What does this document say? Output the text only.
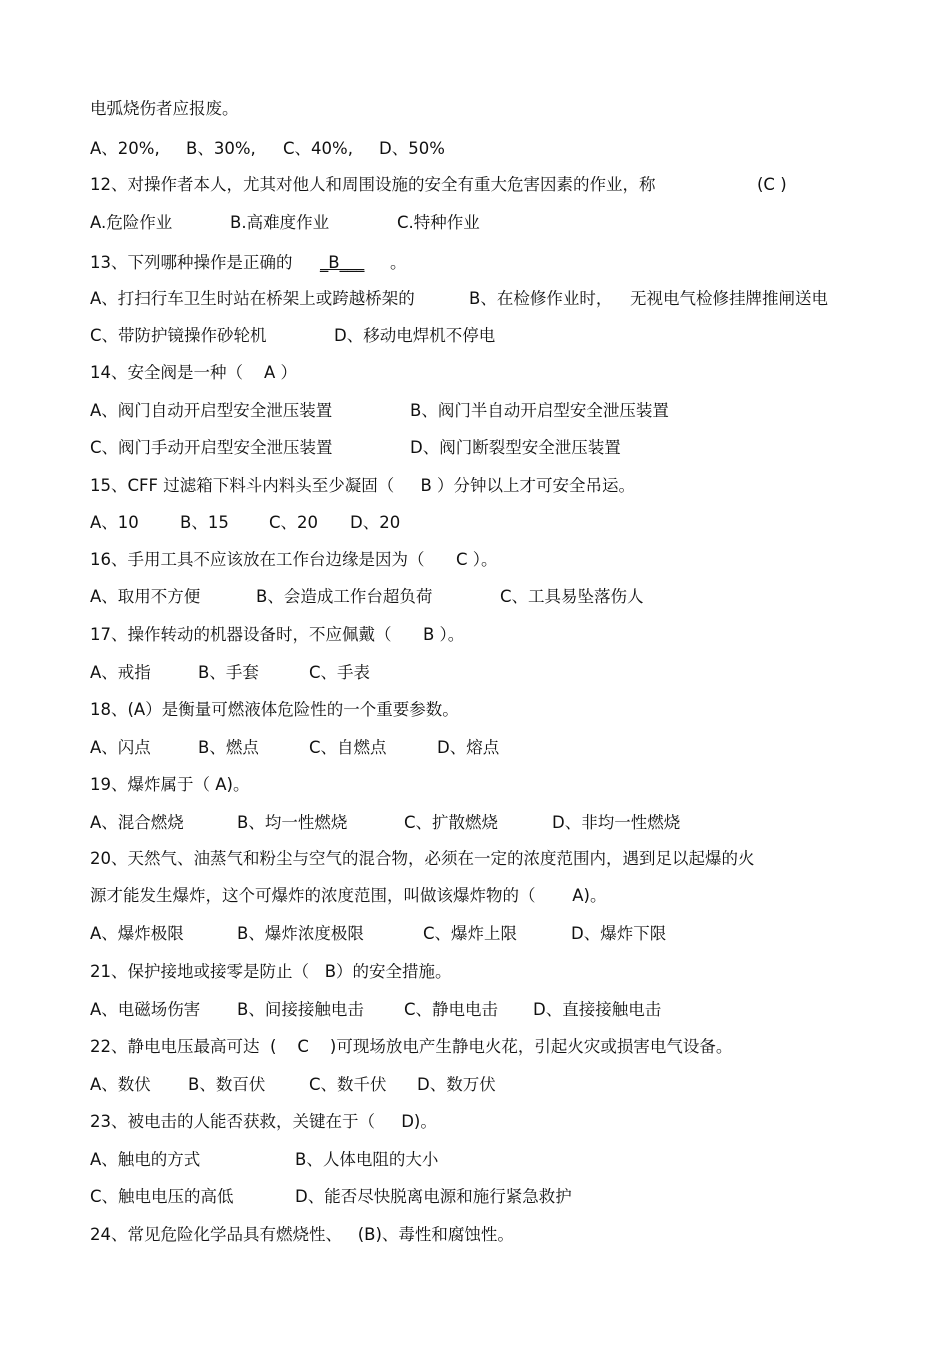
电弧烧伤者应报废。
A、20%, B、30%, C、40%, D、50%
12、对操作者本人，尤其对他人和周围设施的安全有重大危害因素的作业，称	(C )
A.危险作业	B.高难度作业	C.特种作业
13、下列哪种操作是正确的 _B___ 。
A、打扫行车卫生时站在桥架上或跨越桥架的	B、在检修作业时， 无视电气检修挂牌推闸送电
C、带防护镜操作砂轮机	D、移动电焊机不停电
14、安全阀是一种（    A ）
A、阀门自动开启型安全泄压装置	B、阀门半自动开启型安全泄压装置
C、阀门手动开启型安全泄压装置	D、阀门断裂型安全泄压装置
15、CFF 过滤箱下料斗内料头至少凝固（     B ）分钟以上才可安全吊运。
A、10 B、15 C、20 D、20
16、手用工具不应该放在工作台边缘是因为（      C ）。
A、取用不方便	B、会造成工作台超负荷	C、工具易坠落伤人
17、操作转动的机器设备时，不应佩戴（      B ）。
A、戒指	B、手套	C、手表
18、(A）是衡量可燃液体危险性的一个重要参数。
A、闪点	B、燃点	C、自燃点	D、熔点
19、爆炸属于（ A)。
A、混合燃烧	B、均一性燃烧	C、扩散燃烧	D、非均一性燃烧
20、天然气、油蒸气和粉尘与空气的混合物，必须在一定的浓度范围内，遇到足以起爆的火
源才能发生爆炸，这个可爆炸的浓度范围，叫做该爆炸物的（       A)。
A、爆炸极限	B、爆炸浓度极限	C、爆炸上限	D、爆炸下限
21、保护接地或接零是防止（   B）的安全措施。
A、电磁场伤害 B、间接接触电击 C、静电电击 D、直接接触电击
22、静电电压最高可达  (    C    )可现场放电产生静电火花，引起火灾或损害电气设备。
A、数伏 B、数百伏	C、数千伏 D、数万伏
23、被电击的人能否获救，关键在于（     D)。
A、触电的方式	B、人体电阻的大小
C、触电电压的高低	D、能否尽快脱离电源和施行紧急救护
24、常见危险化学品具有燃烧性、   (B)、毒性和腐蚀性。
